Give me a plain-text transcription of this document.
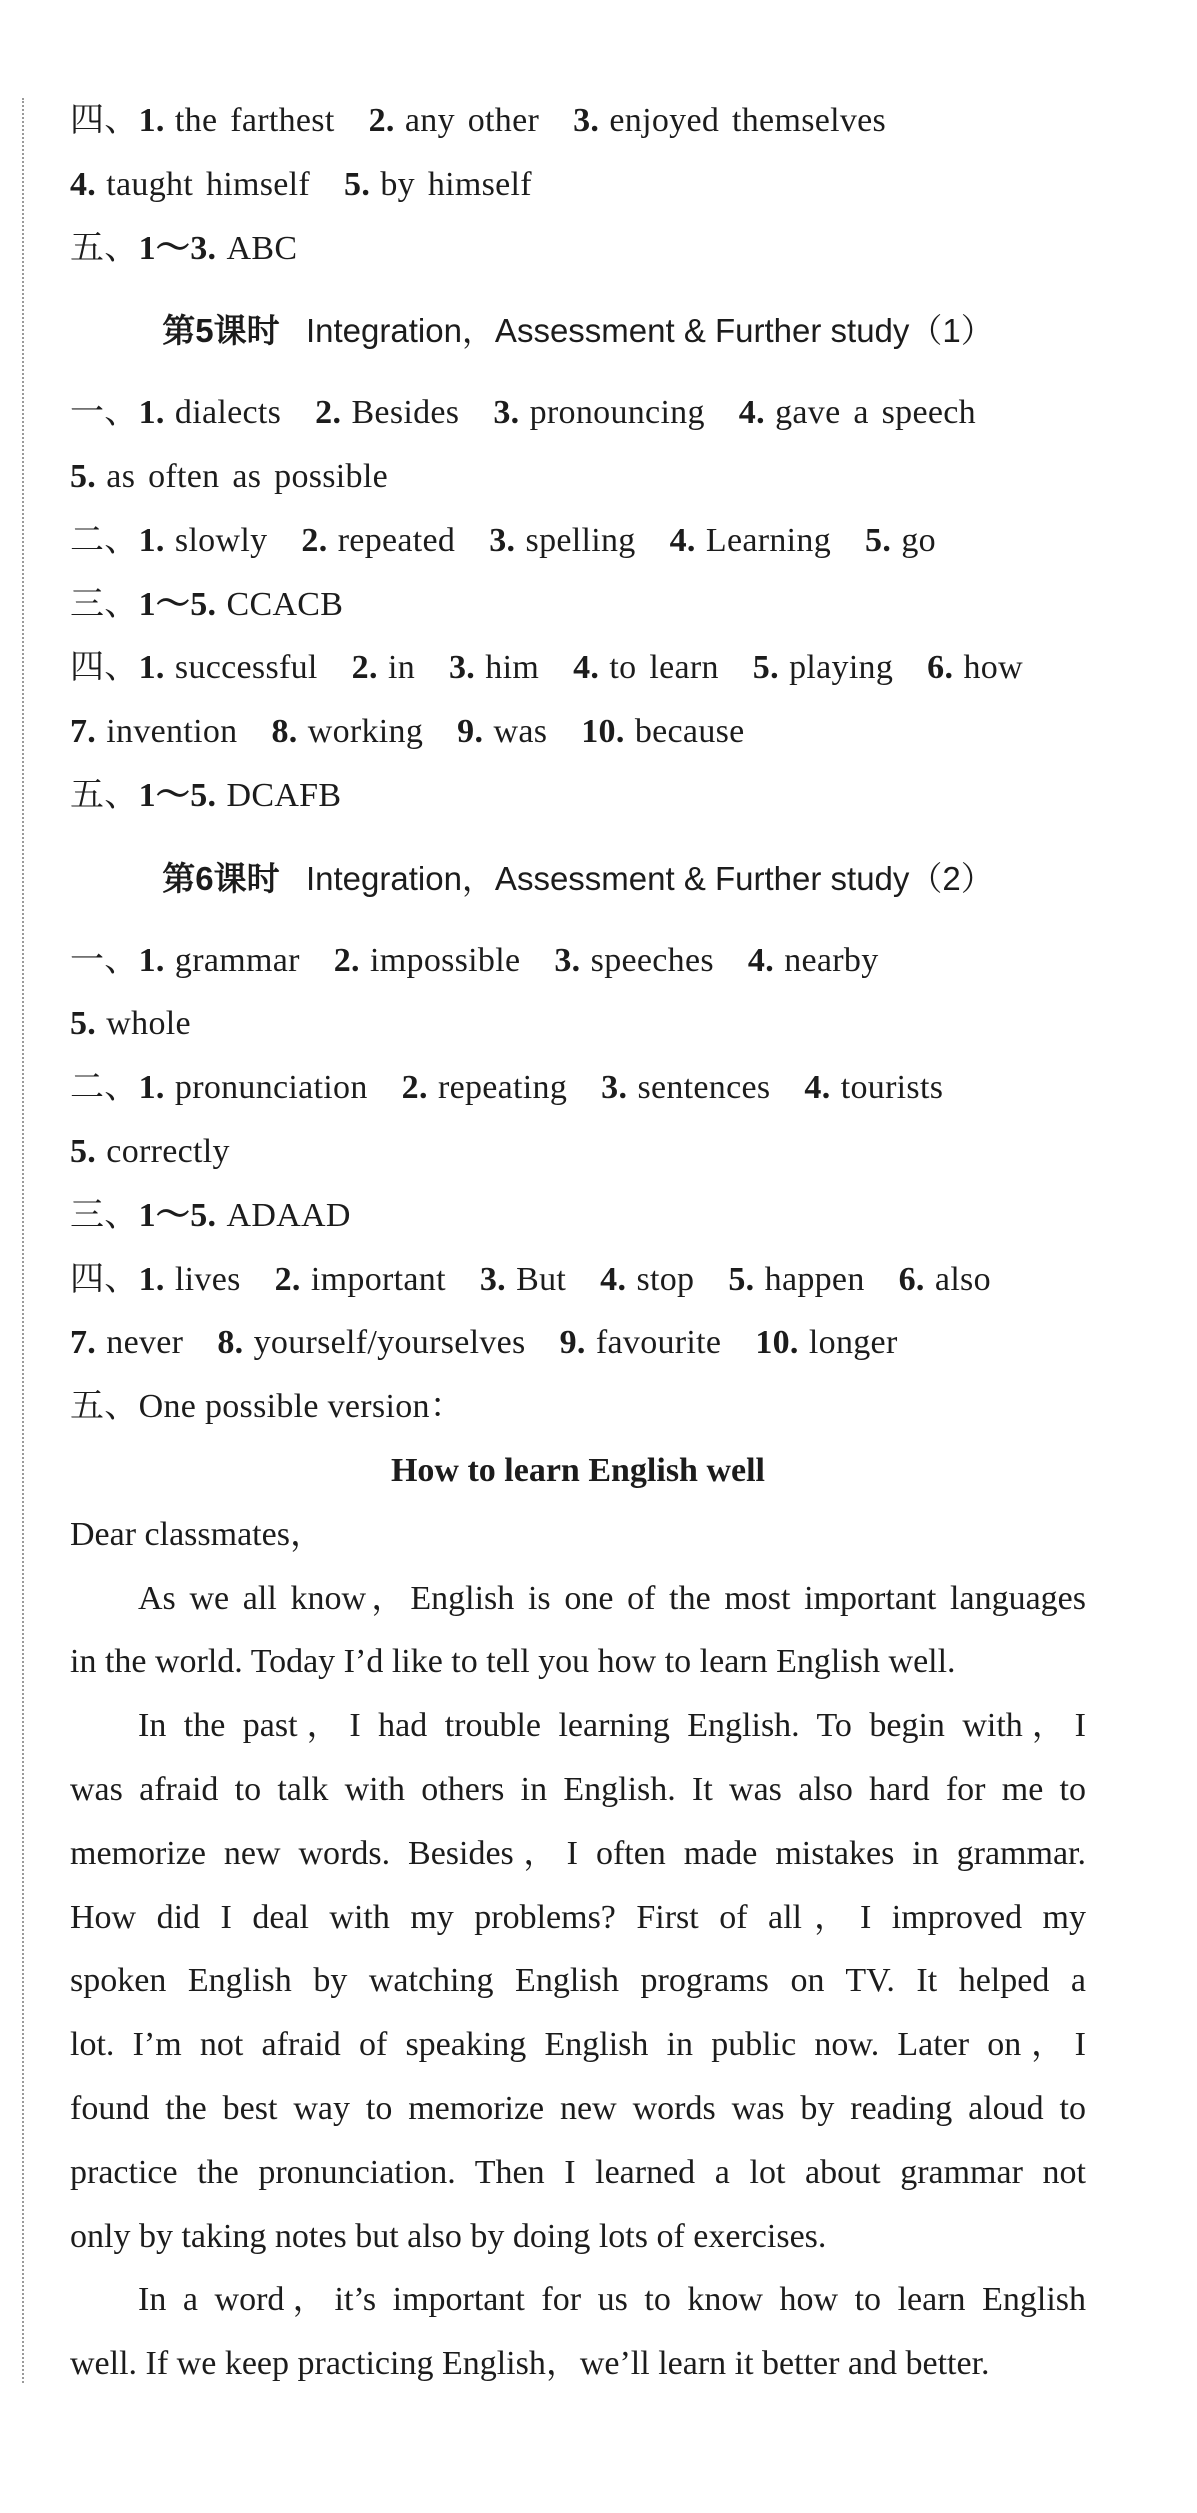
四、1. the farthest 2. any other 3. enjoyed themselves
4. taught himself 5. by himself
五、1～3. ABC
第5课时 Integration，Assessment & Further study（1）
一、1. dialects 2. Besides 3. pronouncing 4. gave a speech
5. as often as possible
二、1. slowly 2. repeated 3. spelling 4. Learning 5. go
三、1～5. CCACB
四、1. successful 2. in 3. him 4. to learn 5. playing 6. how
7. invention 8. working 9. was 10. because
五、1～5. DCAFB
第6课时 Integration，Assessment & Further study（2）
一、1. grammar 2. impossible 3. speeches 4. nearby
5. whole
二、1. pronunciation 2. repeating 3. sentences 4. tourists
5. correctly
三、1～5. ADAAD
四、1. lives 2. important 3. But 4. stop 5. happen 6. also
7. never 8. yourself/yourselves 9. favourite 10. longer
五、One possible version：
How to learn English well
Dear classmates，
As we all know，English is one of the most important languages
in the world. Today I’d like to tell you how to learn English well.
In the past，I had trouble learning English. To begin with，I
was afraid to talk with others in English. It was also hard for me to
memorize new words. Besides，I often made mistakes in grammar.
How did I deal with my problems? First of all，I improved my
spoken English by watching English programs on TV. It helped a
lot. I’m not afraid of speaking English in public now. Later on，I
found the best way to memorize new words was by reading aloud to
practice the pronunciation. Then I learned a lot about grammar not
only by taking notes but also by doing lots of exercises.
In a word，it’s important for us to know how to learn English
well. If we keep practicing English，we’ll learn it better and better.
